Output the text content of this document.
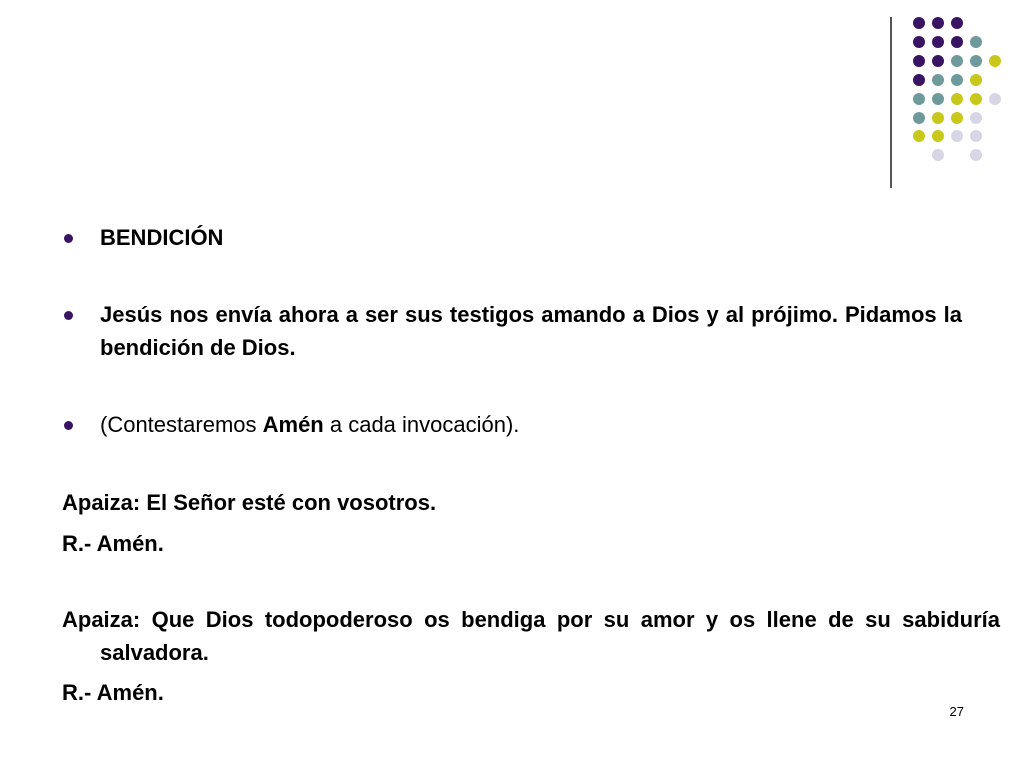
BENDICIÓN
Jesús nos envía ahora a ser sus testigos amando a Dios y al prójimo. Pidamos la bendición de Dios.
(Contestaremos Amén a cada invocación).
Apaiza: El Señor esté con vosotros.
R.- Amén.
Apaiza: Que Dios todopoderoso os bendiga por su amor y os llene de su sabiduría salvadora.
R.- Amén.
27
